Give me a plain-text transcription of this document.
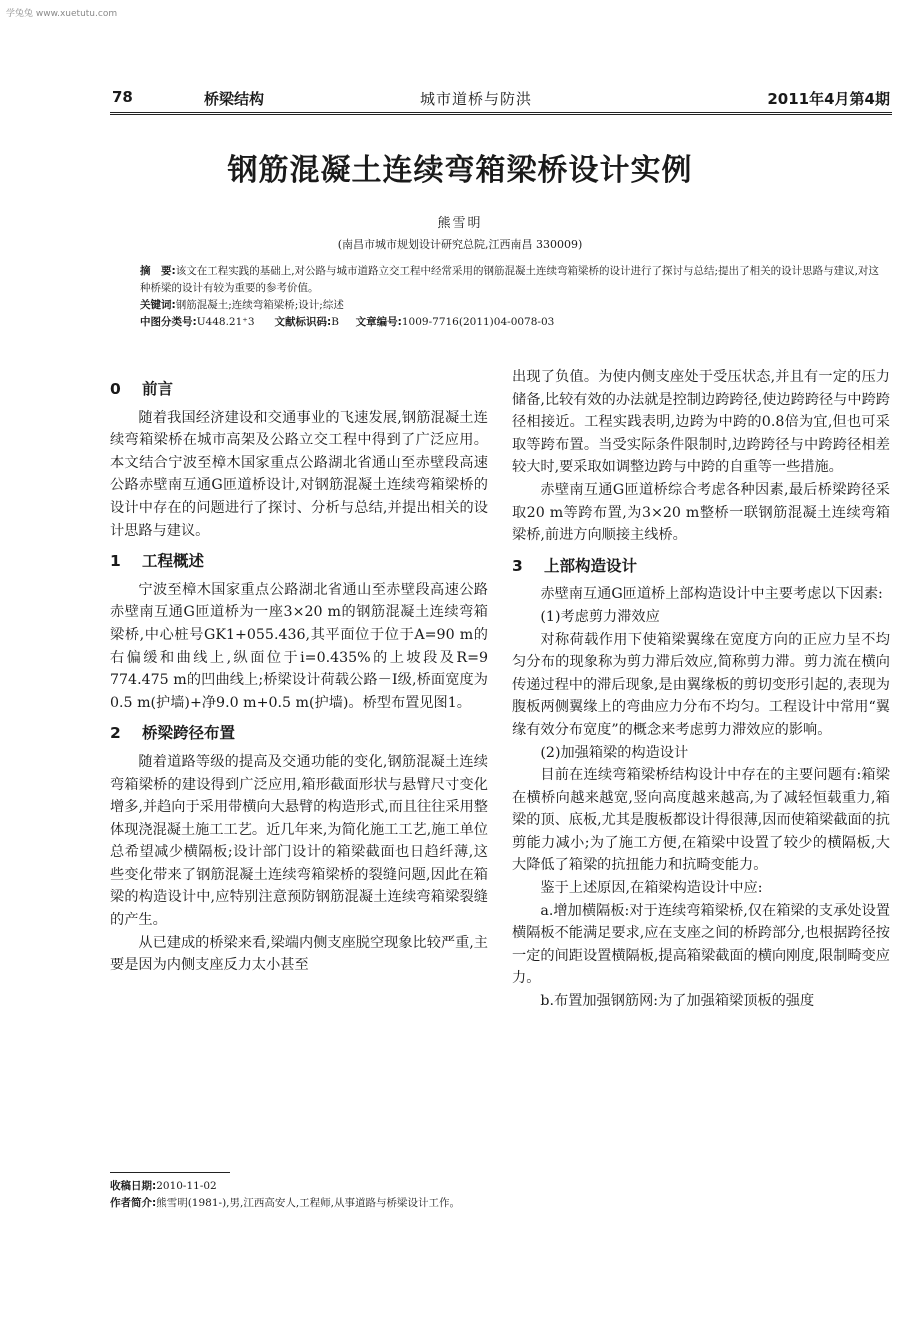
学兔兔 www.xuetutu.com
78	桥梁结构	城市道桥与防洪	2011年4月第4期
钢筋混凝土连续弯箱梁桥设计实例
熊雪明
(南昌市城市规划设计研究总院,江西南昌 330009)

摘　要:该文在工程实践的基础上,对公路与城市道路立交工程中经常采用的钢筋混凝土连续弯箱梁桥的设计进行了探讨与总结;提出了相关的设计思路与建议,对这种桥梁的设计有较为重要的参考价值。

关键词:钢筋混凝土;连续弯箱梁桥;设计;综述

中图分类号:U448.21⁺3 文献标识码:B 文章编号:1009-7716(2011)04-0078-03

0 前言

随着我国经济建设和交通事业的飞速发展,钢筋混凝土连续弯箱梁桥在城市高架及公路立交工程中得到了广泛应用。本文结合宁波至樟木国家重点公路湖北省通山至赤壁段高速公路赤壁南互通G匝道桥设计,对钢筋混凝土连续弯箱梁桥的设计中存在的问题进行了探讨、分析与总结,并提出相关的设计思路与建议。

1 工程概述

宁波至樟木国家重点公路湖北省通山至赤壁段高速公路赤壁南互通G匝道桥为一座3×20 m的钢筋混凝土连续弯箱梁桥,中心桩号GK1+055.436,其平面位于位于A=90 m的右偏缓和曲线上,纵面位于i=0.435%的上坡段及R=9 774.475 m的凹曲线上;桥梁设计荷载公路－Ⅰ级,桥面宽度为0.5 m(护墙)+净9.0 m+0.5 m(护墙)。桥型布置见图1。

2 桥梁跨径布置

随着道路等级的提高及交通功能的变化,钢筋混凝土连续弯箱梁桥的建设得到广泛应用,箱形截面形状与悬臂尺寸变化增多,并趋向于采用带横向大悬臂的构造形式,而且往往采用整体现浇混凝土施工工艺。近几年来,为简化施工工艺,施工单位总希望减少横隔板;设计部门设计的箱梁截面也日趋纤薄,这些变化带来了钢筋混凝土连续弯箱梁桥的裂缝问题,因此在箱梁的构造设计中,应特别注意预防钢筋混凝土连续弯箱梁裂缝的产生。

从已建成的桥梁来看,梁端内侧支座脱空现象比较严重,主要是因为内侧支座反力太小甚至

出现了负值。为使内侧支座处于受压状态,并且有一定的压力储备,比较有效的办法就是控制边跨跨径,使边跨跨径与中跨跨径相接近。工程实践表明,边跨为中跨的0.8倍为宜,但也可采取等跨布置。当受实际条件限制时,边跨跨径与中跨跨径相差较大时,要采取如调整边跨与中跨的自重等一些措施。

赤壁南互通G匝道桥综合考虑各种因素,最后桥梁跨径采取20 m等跨布置,为3×20 m整桥一联钢筋混凝土连续弯箱梁桥,前进方向顺接主线桥。

3 上部构造设计

赤壁南互通G匝道桥上部构造设计中主要考虑以下因素:

(1)考虑剪力滞效应

对称荷载作用下使箱梁翼缘在宽度方向的正应力呈不均匀分布的现象称为剪力滞后效应,简称剪力滞。剪力流在横向传递过程中的滞后现象,是由翼缘板的剪切变形引起的,表现为腹板两侧翼缘上的弯曲应力分布不均匀。工程设计中常用“翼缘有效分布宽度”的概念来考虑剪力滞效应的影响。

(2)加强箱梁的构造设计

目前在连续弯箱梁桥结构设计中存在的主要问题有:箱梁在横桥向越来越宽,竖向高度越来越高,为了减轻恒载重力,箱梁的顶、底板,尤其是腹板都设计得很薄,因而使箱梁截面的抗剪能力减小;为了施工方便,在箱梁中设置了较少的横隔板,大大降低了箱梁的抗扭能力和抗畸变能力。

鉴于上述原因,在箱梁构造设计中应:

a.增加横隔板:对于连续弯箱梁桥,仅在箱梁的支承处设置横隔板不能满足要求,应在支座之间的桥跨部分,也根据跨径按一定的间距设置横隔板,提高箱梁截面的横向刚度,限制畸变应力。

b.布置加强钢筋网:为了加强箱梁顶板的强度

收稿日期:2010-11-02

作者简介:熊雪明(1981-),男,江西高安人,工程师,从事道路与桥梁设计工作。
